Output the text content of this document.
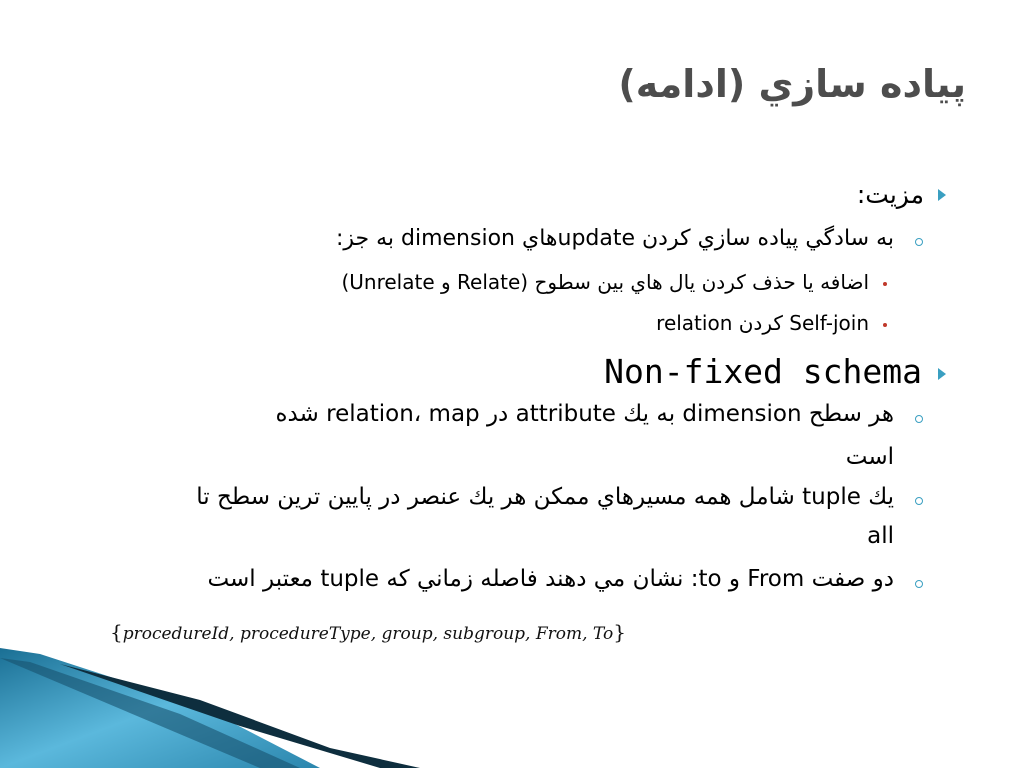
پياده سازي (ادامه)
مزيت:
به سادگي پياده سازي كردن updateهاي dimension به جز:
اضافه يا حذف كردن يال هاي بين سطوح (Relate و Unrelate)
Self-join كردن relation
Non-fixed schema
هر سطح dimension به يك attribute در relation، map شده
است
يك tuple شامل همه مسيرهاي ممكن هر يك عنصر در پايين ترين سطح تا
all
دو صفت From و to: نشان مي دهند فاصله زماني كه tuple معتبر است
{procedureId, procedureType, group, subgroup, From, To}
